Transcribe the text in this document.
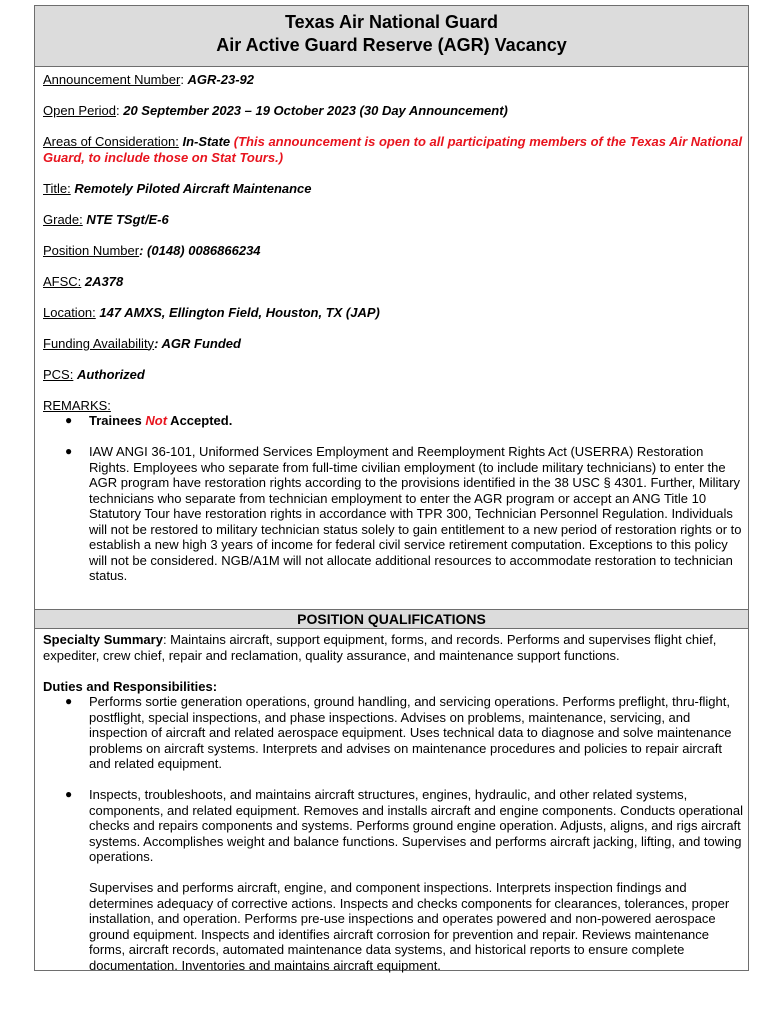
Texas Air National Guard
Air Active Guard Reserve (AGR) Vacancy

Announcement Number: AGR-23-92

Open Period: 20 September 2023 – 19 October 2023 (30 Day Announcement)

Areas of Consideration: In-State (This announcement is open to all participating members of the Texas Air National Guard, to include those on Stat Tours.)

Title: Remotely Piloted Aircraft Maintenance

Grade: NTE TSgt/E-6

Position Number: (0148) 0086866234

AFSC: 2A378

Location: 147 AMXS, Ellington Field, Houston, TX (JAP)

Funding Availability: AGR Funded

PCS: Authorized

REMARKS:

● Trainees Not Accepted.
● IAW ANGI 36-101, Uniformed Services Employment and Reemployment Rights Act (USERRA) Restoration Rights. Employees who separate from full-time civilian employment (to include military technicians) to enter the AGR program have restoration rights according to the provisions identified in the 38 USC § 4301. Further, Military technicians who separate from technician employment to enter the AGR program or accept an ANG Title 10 Statutory Tour have restoration rights in accordance with TPR 300, Technician Personnel Regulation. Individuals will not be restored to military technician status solely to gain entitlement to a new period of restoration rights or to establish a new high 3 years of income for federal civil service retirement computation. Exceptions to this policy will not be considered. NGB/A1M will not allocate additional resources to accommodate restoration to technician status.
POSITION QUALIFICATIONS

Specialty Summary: Maintains aircraft, support equipment, forms, and records. Performs and supervises flight chief, expediter, crew chief, repair and reclamation, quality assurance, and maintenance support functions.

Duties and Responsibilities:

● Performs sortie generation operations, ground handling, and servicing operations. Performs preflight, thru-flight, postflight, special inspections, and phase inspections. Advises on problems, maintenance, servicing, and inspection of aircraft and related aerospace equipment. Uses technical data to diagnose and solve maintenance problems on aircraft systems. Interprets and advises on maintenance procedures and policies to repair aircraft and related equipment.
● Inspects, troubleshoots, and maintains aircraft structures, engines, hydraulic, and other related systems, components, and related equipment. Removes and installs aircraft and engine components. Conducts operational checks and repairs components and systems. Performs ground engine operation. Adjusts, aligns, and rigs aircraft systems. Accomplishes weight and balance functions. Supervises and performs aircraft jacking, lifting, and towing operations.
Supervises and performs aircraft, engine, and component inspections. Interprets inspection findings and determines adequacy of corrective actions. Inspects and checks components for clearances, tolerances, proper installation, and operation. Performs pre-use inspections and operates powered and non-powered aerospace ground equipment. Inspects and identifies aircraft corrosion for prevention and repair. Reviews maintenance forms, aircraft records, automated maintenance data systems, and historical reports to ensure complete documentation. Inventories and maintains aircraft equipment.
